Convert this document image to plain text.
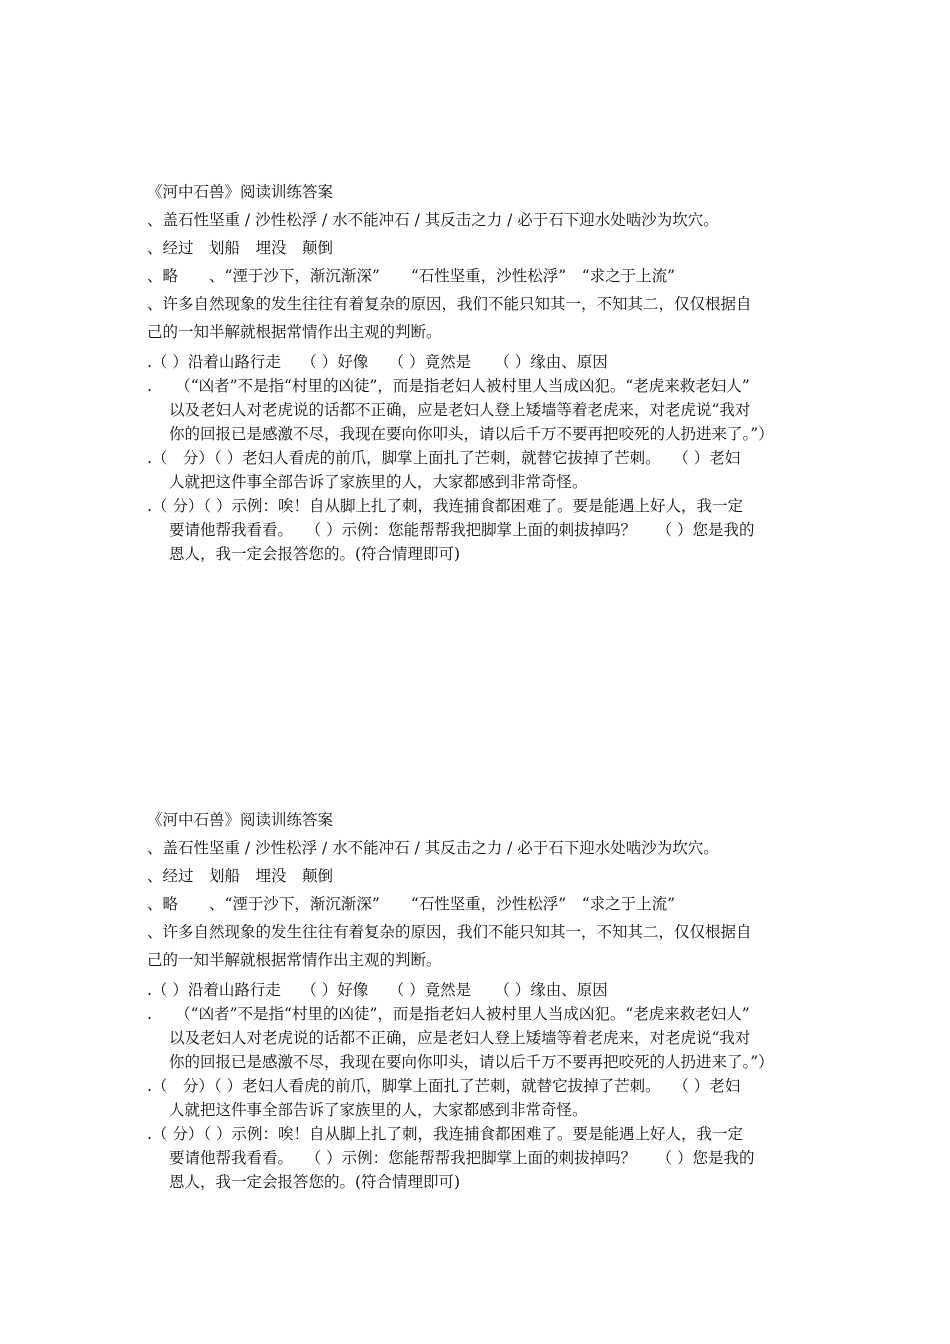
《河中石兽》阅读训练答案
、盖石性坚重 / 沙性松浮 / 水不能冲石 / 其反击之力 / 必于石下迎水处啮沙为坎穴。
、经过　划船　埋没　颠倒
、略　　、“湮于沙下，渐沉渐深”　　“石性坚重，沙性松浮”　“求之于上流”
、许多自然现象的发生往往有着复杂的原因，我们不能只知其一，不知其二，仅仅根据自
己的一知半解就根据常情作出主观的判断。
.（ ）沿着山路行走　 （ ）好像　 （ ）竟然是　　（ ）缘由、原因
.　　（“凶者”不是指“村里的凶徒”，而是指老妇人被村里人当成凶犯。“老虎来救老妇人”
以及老妇人对老虎说的话都不正确，应是老妇人登上矮墙等着老虎来，对老虎说“我对
你的回报已是感激不尽，我现在要向你叩头，请以后千万不要再把咬死的人扔进来了。”）
.（　分）（ ）老妇人看虎的前爪，脚掌上面扎了芒刺，就替它拔掉了芒刺。　 （ ）老妇
人就把这件事全部告诉了家族里的人，大家都感到非常奇怪。
.（ 分）（ ）示例：唉！自从脚上扎了刺，我连捕食都困难了。要是能遇上好人，我一定
要请他帮我看看。　 （ ）示例：您能帮帮我把脚掌上面的刺拔掉吗？　 （ ）您是我的
恩人，我一定会报答您的。(符合情理即可)
《河中石兽》阅读训练答案
、盖石性坚重 / 沙性松浮 / 水不能冲石 / 其反击之力 / 必于石下迎水处啮沙为坎穴。
、经过　划船　埋没　颠倒
、略　　、“湮于沙下，渐沉渐深”　　“石性坚重，沙性松浮”　“求之于上流”
、许多自然现象的发生往往有着复杂的原因，我们不能只知其一，不知其二，仅仅根据自
己的一知半解就根据常情作出主观的判断。
.（ ）沿着山路行走　 （ ）好像　 （ ）竟然是　　（ ）缘由、原因
.　　（“凶者”不是指“村里的凶徒”，而是指老妇人被村里人当成凶犯。“老虎来救老妇人”
以及老妇人对老虎说的话都不正确，应是老妇人登上矮墙等着老虎来，对老虎说“我对
你的回报已是感激不尽，我现在要向你叩头，请以后千万不要再把咬死的人扔进来了。”）
.（　分）（ ）老妇人看虎的前爪，脚掌上面扎了芒刺，就替它拔掉了芒刺。　 （ ）老妇
人就把这件事全部告诉了家族里的人，大家都感到非常奇怪。
.（ 分）（ ）示例：唉！自从脚上扎了刺，我连捕食都困难了。要是能遇上好人，我一定
要请他帮我看看。　 （ ）示例：您能帮帮我把脚掌上面的刺拔掉吗？　 （ ）您是我的
恩人，我一定会报答您的。(符合情理即可)
